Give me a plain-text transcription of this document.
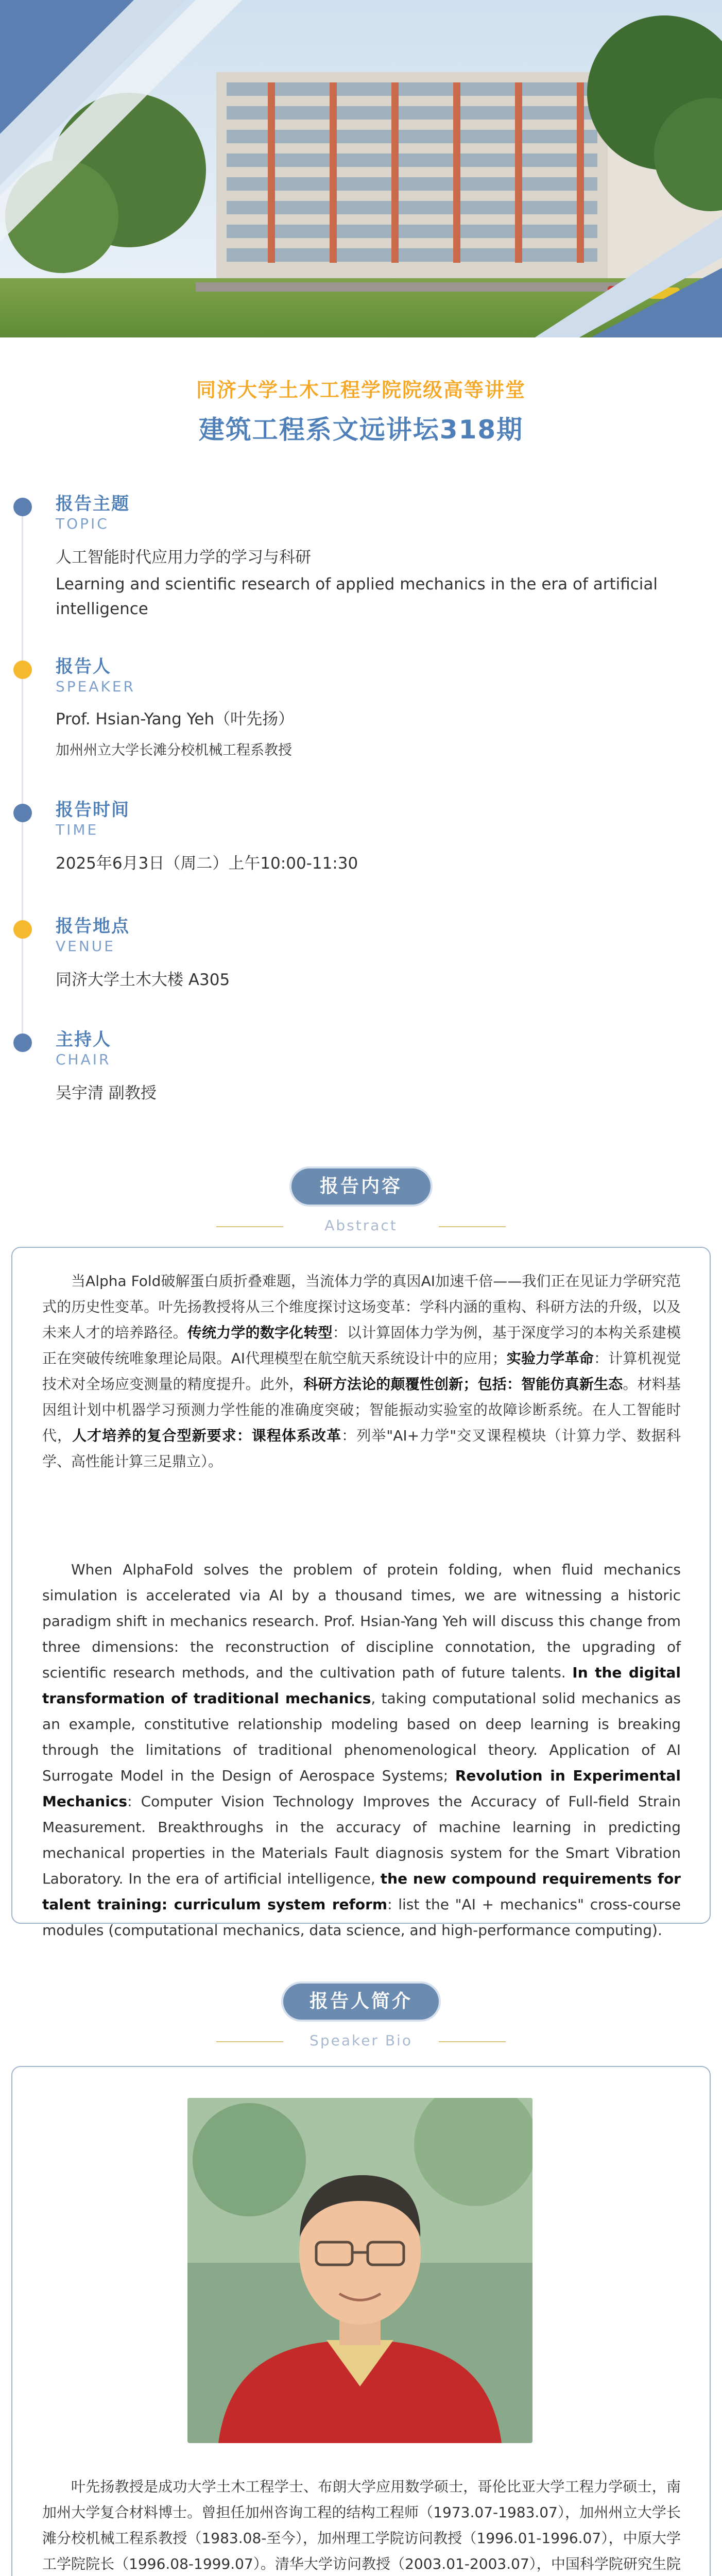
同济大学土木工程学院院级高等讲堂
建筑工程系文远讲坛318期
报告主题
TOPIC
人工智能时代应用力学的学习与科研
Learning and scientific research of applied mechanics in the era of artificial intelligence
报告人
SPEAKER
Prof. Hsian-Yang Yeh（叶先扬）
加州州立大学长滩分校机械工程系教授
报告时间
TIME
2025年6月3日（周二）上午10:00-11:30
报告地点
VENUE
同济大学土木大楼 A305
主持人
CHAIR
吴宇清 副教授
报告内容
Abstract
当Alpha Fold破解蛋白质折叠难题，当流体力学的真因AI加速千倍——我们正在见证力学研究范式的历史性变革。叶先扬教授将从三个维度探讨这场变革：学科内涵的重构、科研方法的升级，以及未来人才的培养路径。传统力学的数字化转型：以计算固体力学为例，基于深度学习的本构关系建模正在突破传统唯象理论局限。AI代理模型在航空航天系统设计中的应用；实验力学革命：计算机视觉技术对全场应变测量的精度提升。此外，科研方法论的颠覆性创新；包括：智能仿真新生态。材料基因组计划中机器学习预测力学性能的准确度突破；智能振动实验室的故障诊断系统。在人工智能时代，人才培养的复合型新要求：课程体系改革：列举"AI+力学"交叉课程模块（计算力学、数据科学、高性能计算三足鼎立）。
When AlphaFold solves the problem of protein folding, when fluid mechanics simulation is accelerated via AI by a thousand times, we are witnessing a historic paradigm shift in mechanics research. Prof. Hsian-Yang Yeh will discuss this change from three dimensions: the reconstruction of discipline connotation, the upgrading of scientific research methods, and the cultivation path of future talents. In the digital transformation of traditional mechanics, taking computational solid mechanics as an example, constitutive relationship modeling based on deep learning is breaking through the limitations of traditional phenomenological theory. Application of AI Surrogate Model in the Design of Aerospace Systems; Revolution in Experimental Mechanics: Computer Vision Technology Improves the Accuracy of Full-field Strain Measurement. Breakthroughs in the accuracy of machine learning in predicting mechanical properties in the Materials Fault diagnosis system for the Smart Vibration Laboratory. In the era of artificial intelligence, the new compound requirements for talent training: curriculum system reform: list the "AI + mechanics" cross-course modules (computational mechanics, data science, and high-performance computing).
报告人简介
Speaker Bio
叶先扬教授是成功大学土木工程学士、布朗大学应用数学硕士，哥伦比亚大学工程力学硕士，南加州大学复合材料博士。曾担任加州咨询工程的结构工程师（1973.07-1983.07），加州州立大学长滩分校机械工程系教授（1983.08-至今），加州理工学院访问教授（1996.01-1996.07），中原大学工学院院长（1996.08-1999.07）。清华大学访问教授（2003.01-2003.07），中国科学院研究生院
